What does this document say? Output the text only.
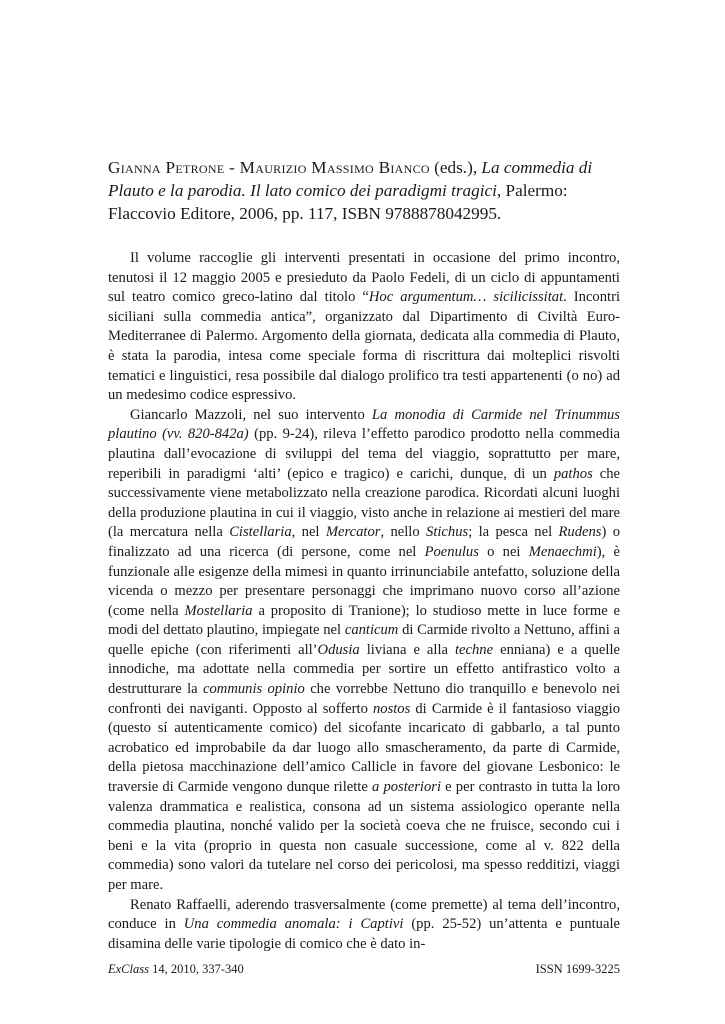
Gianna Petrone - Maurizio Massimo Bianco (eds.), La commedia di Plauto e la parodia. Il lato comico dei paradigmi tragici, Palermo: Flaccovio Editore, 2006, pp. 117, ISBN 9788878042995.

Il volume raccoglie gli interventi presentati in occasione del primo incontro, tenutosi il 12 maggio 2005 e presieduto da Paolo Fedeli, di un ciclo di appuntamenti sul teatro comico greco-latino dal titolo “Hoc argumentum… sicilicissitat. Incontri siciliani sulla commedia antica”, organizzato dal Dipartimento di Civiltà Euro-Mediterranee di Palermo. Argomento della giornata, dedicata alla commedia di Plauto, è stata la parodia, intesa come speciale forma di riscrittura dai molteplici risvolti tematici e linguistici, resa possibile dal dialogo prolifico tra testi appartenenti (o no) ad un medesimo codice espressivo.

Giancarlo Mazzoli, nel suo intervento La monodia di Carmide nel Trinummus plautino (vv. 820-842a) (pp. 9-24), rileva l’effetto parodico prodotto nella commedia plautina dall’evocazione di sviluppi del tema del viaggio, soprattutto per mare, reperibili in paradigmi ‘alti’ (epico e tragico) e carichi, dunque, di un pathos che successivamente viene metabolizzato nella creazione parodica. Ricordati alcuni luoghi della produzione plautina in cui il viaggio, visto anche in relazione ai mestieri del mare (la mercatura nella Cistellaria, nel Mercator, nello Stichus; la pesca nel Rudens) o finalizzato ad una ricerca (di persone, come nel Poenulus o nei Menaechmi), è funzionale alle esigenze della mimesi in quanto irrinunciabile antefatto, soluzione della vicenda o mezzo per presentare personaggi che imprimano nuovo corso all’azione (come nella Mostellaria a proposito di Tranione); lo studioso mette in luce forme e modi del dettato plautino, impiegate nel canticum di Carmide rivolto a Nettuno, affini a quelle epiche (con riferimenti all’Odusia liviana e alla techne enniana) e a quelle innodiche, ma adottate nella commedia per sortire un effetto antifrastico volto a destrutturare la communis opinio che vorrebbe Nettuno dio tranquillo e benevolo nei confronti dei naviganti. Opposto al sofferto nostos di Carmide è il fantasioso viaggio (questo sí autenticamente comico) del sicofante incaricato di gabbarlo, a tal punto acrobatico ed improbabile da dar luogo allo smascheramento, da parte di Carmide, della pietosa macchinazione dell’amico Callicle in favore del giovane Lesbonico: le traversie di Carmide vengono dunque rilette a posteriori e per contrasto in tutta la loro valenza drammatica e realistica, consona ad un sistema assiologico operante nella commedia plautina, nonché valido per la società coeva che ne fruisce, secondo cui i beni e la vita (proprio in questa non casuale successione, come al v. 822 della commedia) sono valori da tutelare nel corso dei pericolosi, ma spesso redditizi, viaggi per mare.

Renato Raffaelli, aderendo trasversalmente (come premette) al tema dell’incontro, conduce in Una commedia anomala: i Captivi (pp. 25-52) un’attenta e puntuale disamina delle varie tipologie di comico che è dato in-

ExClass 14, 2010, 337-340	ISSN 1699-3225
